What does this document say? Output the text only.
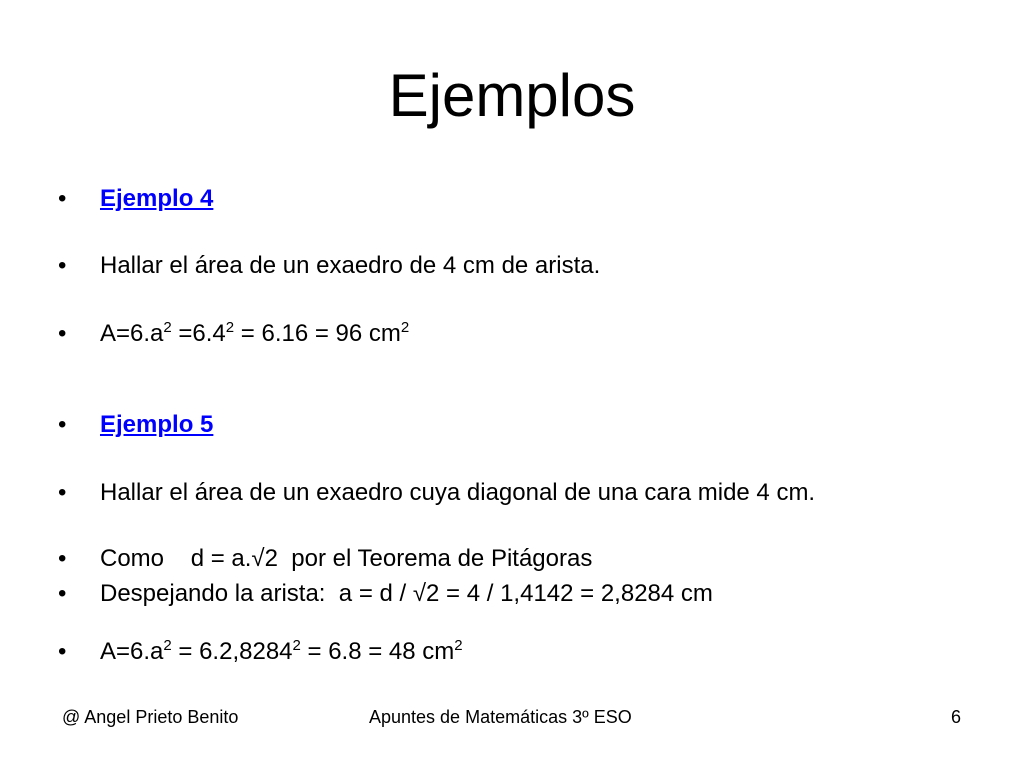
Ejemplos
• Ejemplo 4
• Hallar el área de un exaedro de 4 cm de arista.
• $A=6.a^2 =6.4^2 = 6.16 = 96$ $cm^2$
• Ejemplo 5
• Hallar el área de un exaedro cuya diagonal de una cara mide 4 cm.
• Como    d = a.√2  por el Teorema de Pitágoras
• Despejando la arista:  a = d / √2 = 4 / 1,4142 = 2,8284 cm
• $A=6.a^2 = 6.2,8284^2 = 6.8 = 48$ $cm^2$
@ Angel Prieto Benito	Apuntes de Matemáticas 3º ESO	6
